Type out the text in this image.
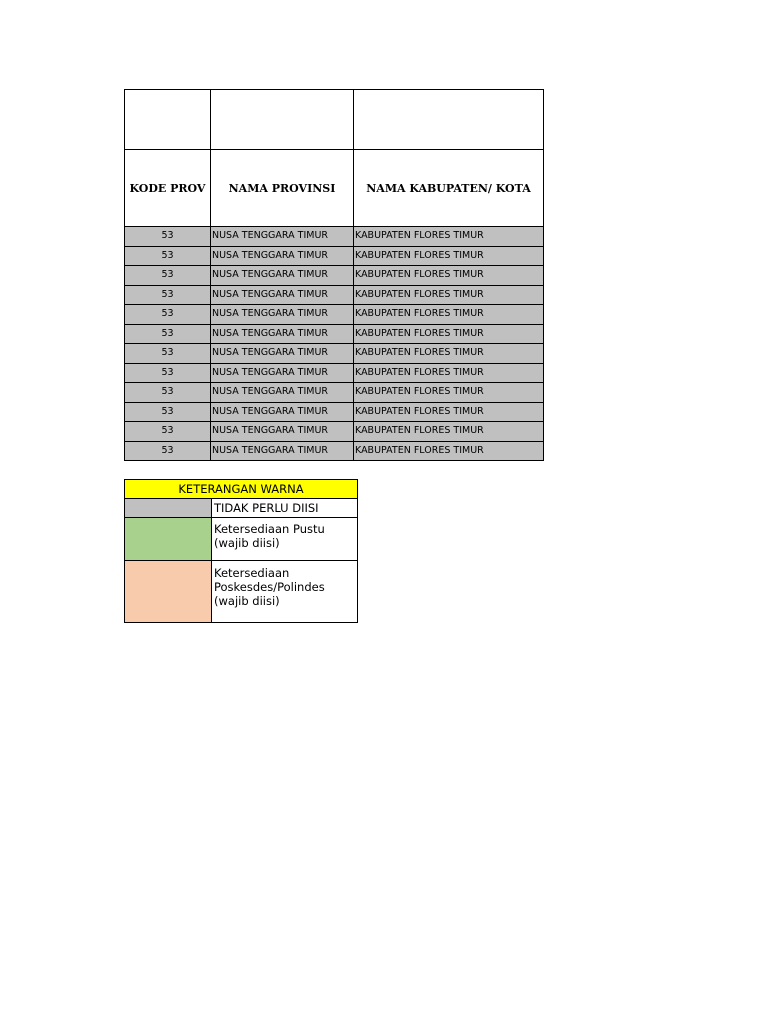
KODE PROV	NAMA PROVINSI	NAMA KABUPATEN/ KOTA
53	NUSA TENGGARA TIMUR	KABUPATEN FLORES TIMUR
53	NUSA TENGGARA TIMUR	KABUPATEN FLORES TIMUR
53	NUSA TENGGARA TIMUR	KABUPATEN FLORES TIMUR
53	NUSA TENGGARA TIMUR	KABUPATEN FLORES TIMUR
53	NUSA TENGGARA TIMUR	KABUPATEN FLORES TIMUR
53	NUSA TENGGARA TIMUR	KABUPATEN FLORES TIMUR
53	NUSA TENGGARA TIMUR	KABUPATEN FLORES TIMUR
53	NUSA TENGGARA TIMUR	KABUPATEN FLORES TIMUR
53	NUSA TENGGARA TIMUR	KABUPATEN FLORES TIMUR
53	NUSA TENGGARA TIMUR	KABUPATEN FLORES TIMUR
53	NUSA TENGGARA TIMUR	KABUPATEN FLORES TIMUR
53	NUSA TENGGARA TIMUR	KABUPATEN FLORES TIMUR
KETERANGAN WARNA	

	TIDAK PERLU DIISI

	Ketersediaan Pustu
(wajib diisi)

	Ketersediaan
Poskesdes/Polindes
(wajib diisi)
